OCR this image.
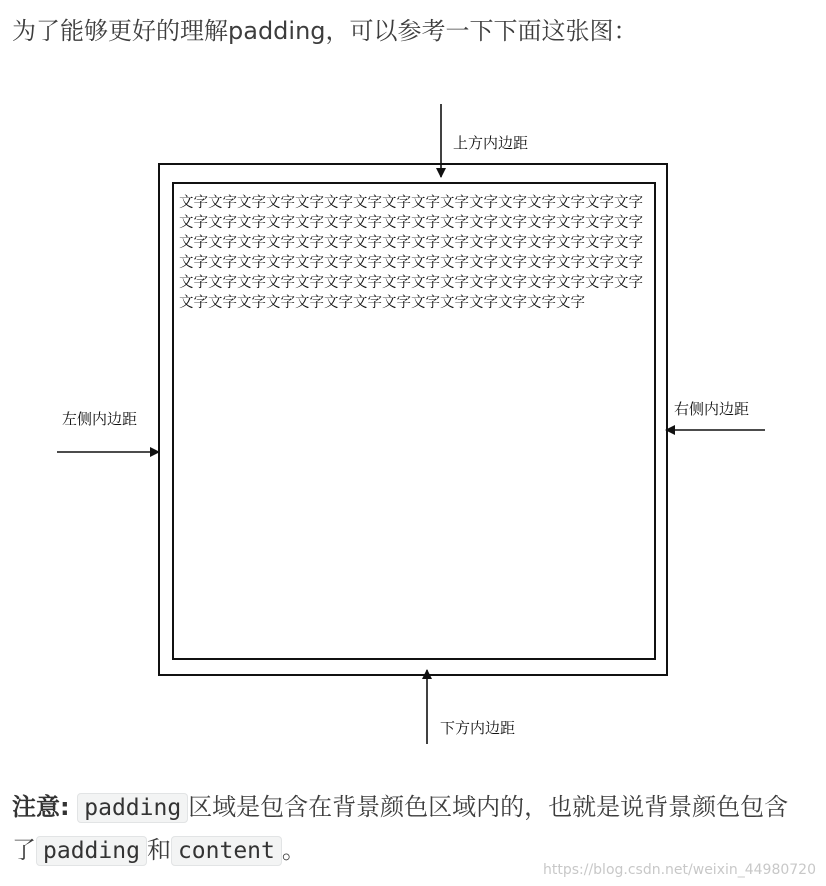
为了能够更好的理解padding，可以参考一下下面这张图：
文字文字文字文字文字文字文字文字文字文字文字文字文字文字文字文字文字文字文字文字文字文字文字文字文字文字文字文字文字文字文字文字文字文字文字文字文字文字文字文字文字文字文字文字文字文字文字文字文字文字文字文字文字文字文字文字文字文字文字文字文字文字文字文字文字文字文字文字文字文字文字文字文字文字文字文字文字文字文字文字文字文字文字文字文字文字文字文字文字文字文字文字文字文字
上方内边距
左侧内边距
右侧内边距
下方内边距
注意: padding 区域是包含在背景颜色区域内的，也就是说背景颜色包含了 padding 和 content 。
https://blog.csdn.net/weixin_44980720
